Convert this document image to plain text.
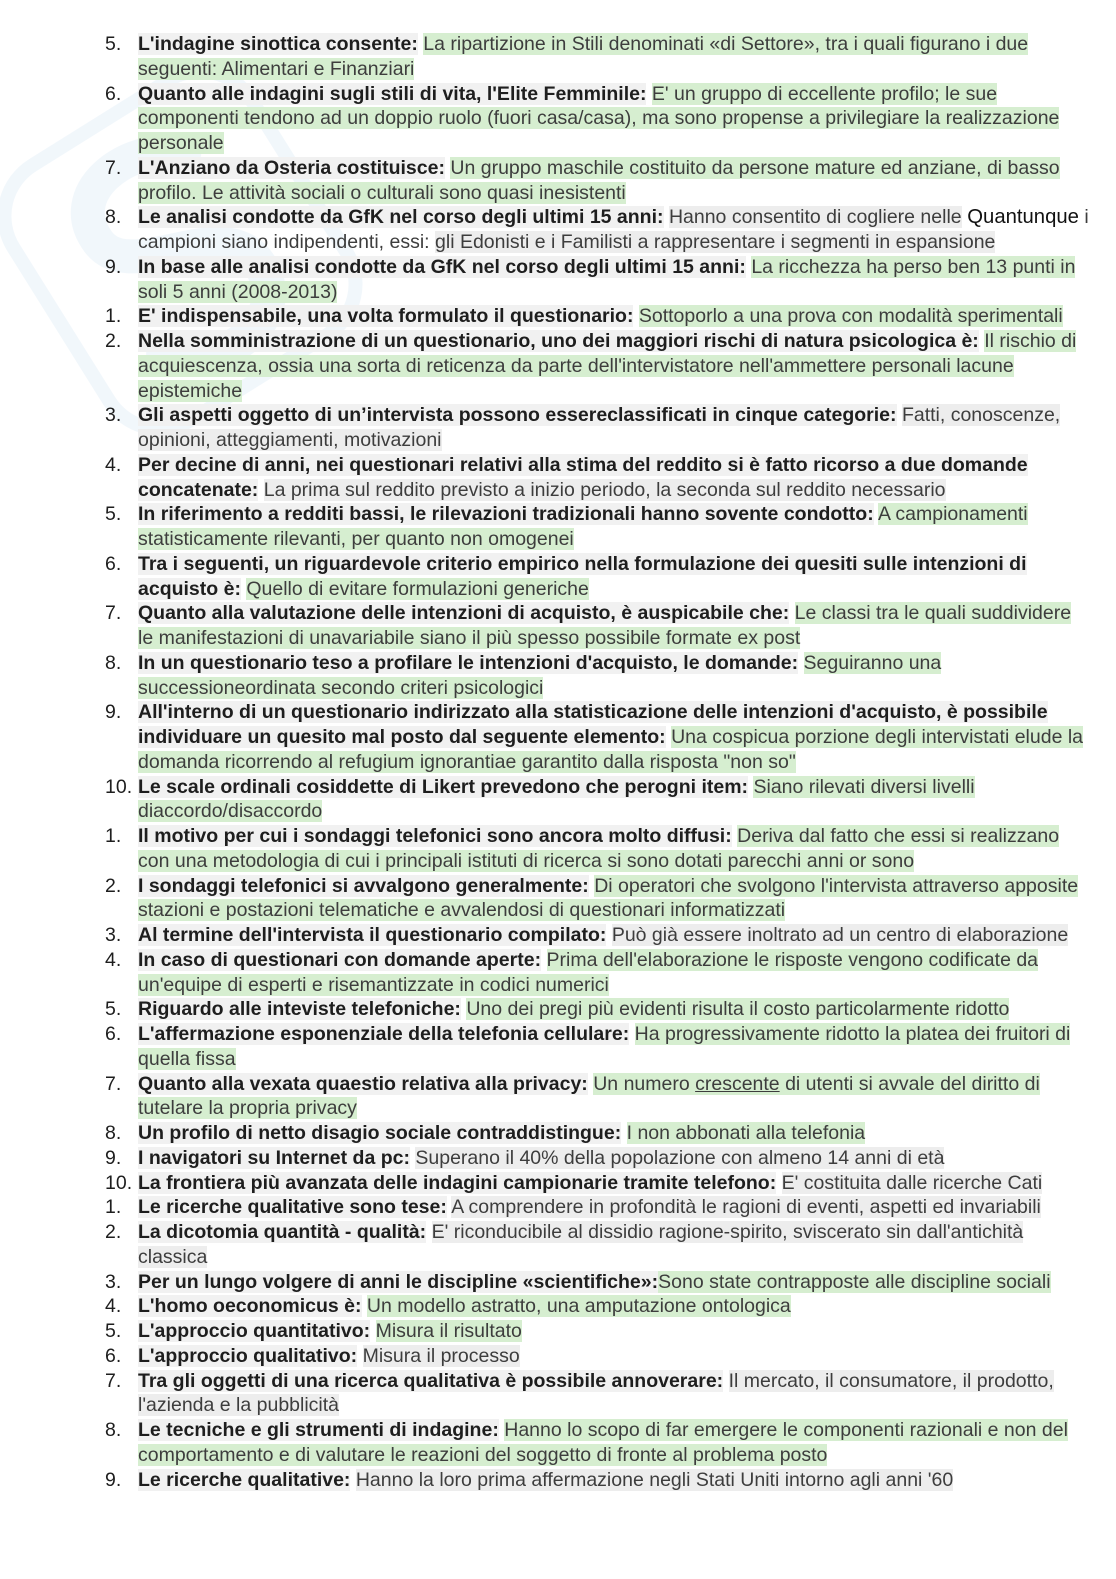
5. L'indagine sinottica consente: La ripartizione in Stili denominati «di Settore», tra i quali figurano i due seguenti: Alimentari e Finanziari
6. Quanto alle indagini sugli stili di vita, l'Elite Femminile: E' un gruppo di eccellente profilo; le sue componenti tendono ad un doppio ruolo (fuori casa/casa), ma sono propense a privilegiare la realizzazione personale
7. L'Anziano da Osteria costituisce: Un gruppo maschile costituito da persone mature ed anziane, di basso profilo. Le attività sociali o culturali sono quasi inesistenti
8. Le analisi condotte da GfK nel corso degli ultimi 15 anni: Hanno consentito di cogliere nelle Quantunque i campioni siano indipendenti, essi: gli Edonisti e i Familisti a rappresentare i segmenti in espansione
9. In base alle analisi condotte da GfK nel corso degli ultimi 15 anni: La ricchezza ha perso ben 13 punti in soli 5 anni (2008-2013)
1. E' indispensabile, una volta formulato il questionario: Sottoporlo a una prova con modalità sperimentali
2. Nella somministrazione di un questionario, uno dei maggiori rischi di natura psicologica è: Il rischio di acquiescenza, ossia una sorta di reticenza da parte dell'intervistatore nell'ammettere personali lacune epistemiche
3. Gli aspetti oggetto di un’intervista possono essereclassificati in cinque categorie: Fatti, conoscenze, opinioni, atteggiamenti, motivazioni
4. Per decine di anni, nei questionari relativi alla stima del reddito si è fatto ricorso a due domande concatenate: La prima sul reddito previsto a inizio periodo, la seconda sul reddito necessario
5. In riferimento a redditi bassi, le rilevazioni tradizionali hanno sovente condotto: A campionamenti statisticamente rilevanti, per quanto non omogenei
6. Tra i seguenti, un riguardevole criterio empirico nella formulazione dei quesiti sulle intenzioni di acquisto è: Quello di evitare formulazioni generiche
7. Quanto alla valutazione delle intenzioni di acquisto, è auspicabile che: Le classi tra le quali suddividere le manifestazioni di unavariabile siano il più spesso possibile formate ex post
8. In un questionario teso a profilare le intenzioni d'acquisto, le domande: Seguiranno una successioneordinata secondo criteri psicologici
9. All'interno di un questionario indirizzato alla statisticazione delle intenzioni d'acquisto, è possibile individuare un quesito mal posto dal seguente elemento: Una cospicua porzione degli intervistati elude la domanda ricorrendo al refugium ignorantiae garantito dalla risposta "non so"
10. Le scale ordinali cosiddette di Likert prevedono che perogni item: Siano rilevati diversi livelli diaccordo/disaccordo
1. Il motivo per cui i sondaggi telefonici sono ancora molto diffusi: Deriva dal fatto che essi si realizzano con una metodologia di cui i principali istituti di ricerca si sono dotati parecchi anni or sono
2. I sondaggi telefonici si avvalgono generalmente: Di operatori che svolgono l'intervista attraverso apposite stazioni e postazioni telematiche e avvalendosi di questionari informatizzati
3. Al termine dell'intervista il questionario compilato: Può già essere inoltrato ad un centro di elaborazione
4. In caso di questionari con domande aperte: Prima dell'elaborazione le risposte vengono codificate da un'equipe di esperti e risemantizzate in codici numerici
5. Riguardo alle inteviste telefoniche: Uno dei pregi più evidenti risulta il costo particolarmente ridotto
6. L'affermazione esponenziale della telefonia cellulare: Ha progressivamente ridotto la platea dei fruitori di quella fissa
7. Quanto alla vexata quaestio relativa alla privacy: Un numero crescente di utenti si avvale del diritto di tutelare la propria privacy
8. Un profilo di netto disagio sociale contraddistingue: I non abbonati alla telefonia
9. I navigatori su Internet da pc: Superano il 40% della popolazione con almeno 14 anni di età
10. La frontiera più avanzata delle indagini campionarie tramite telefono: E' costituita dalle ricerche Cati
1. Le ricerche qualitative sono tese: A comprendere in profondità le ragioni di eventi, aspetti ed invariabili
2. La dicotomia quantità - qualità: E' riconducibile al dissidio ragione-spirito, sviscerato sin dall'antichità classica
3. Per un lungo volgere di anni le discipline «scientifiche»:Sono state contrapposte alle discipline sociali
4. L'homo oeconomicus è: Un modello astratto, una amputazione ontologica
5. L'approccio quantitativo: Misura il risultato
6. L'approccio qualitativo: Misura il processo
7. Tra gli oggetti di una ricerca qualitativa è possibile annoverare: Il mercato, il consumatore, il prodotto, l'azienda e la pubblicità
8. Le tecniche e gli strumenti di indagine: Hanno lo scopo di far emergere le componenti razionali e non del comportamento e di valutare le reazioni del soggetto di fronte al problema posto
9. Le ricerche qualitative: Hanno la loro prima affermazione negli Stati Uniti intorno agli anni '60
